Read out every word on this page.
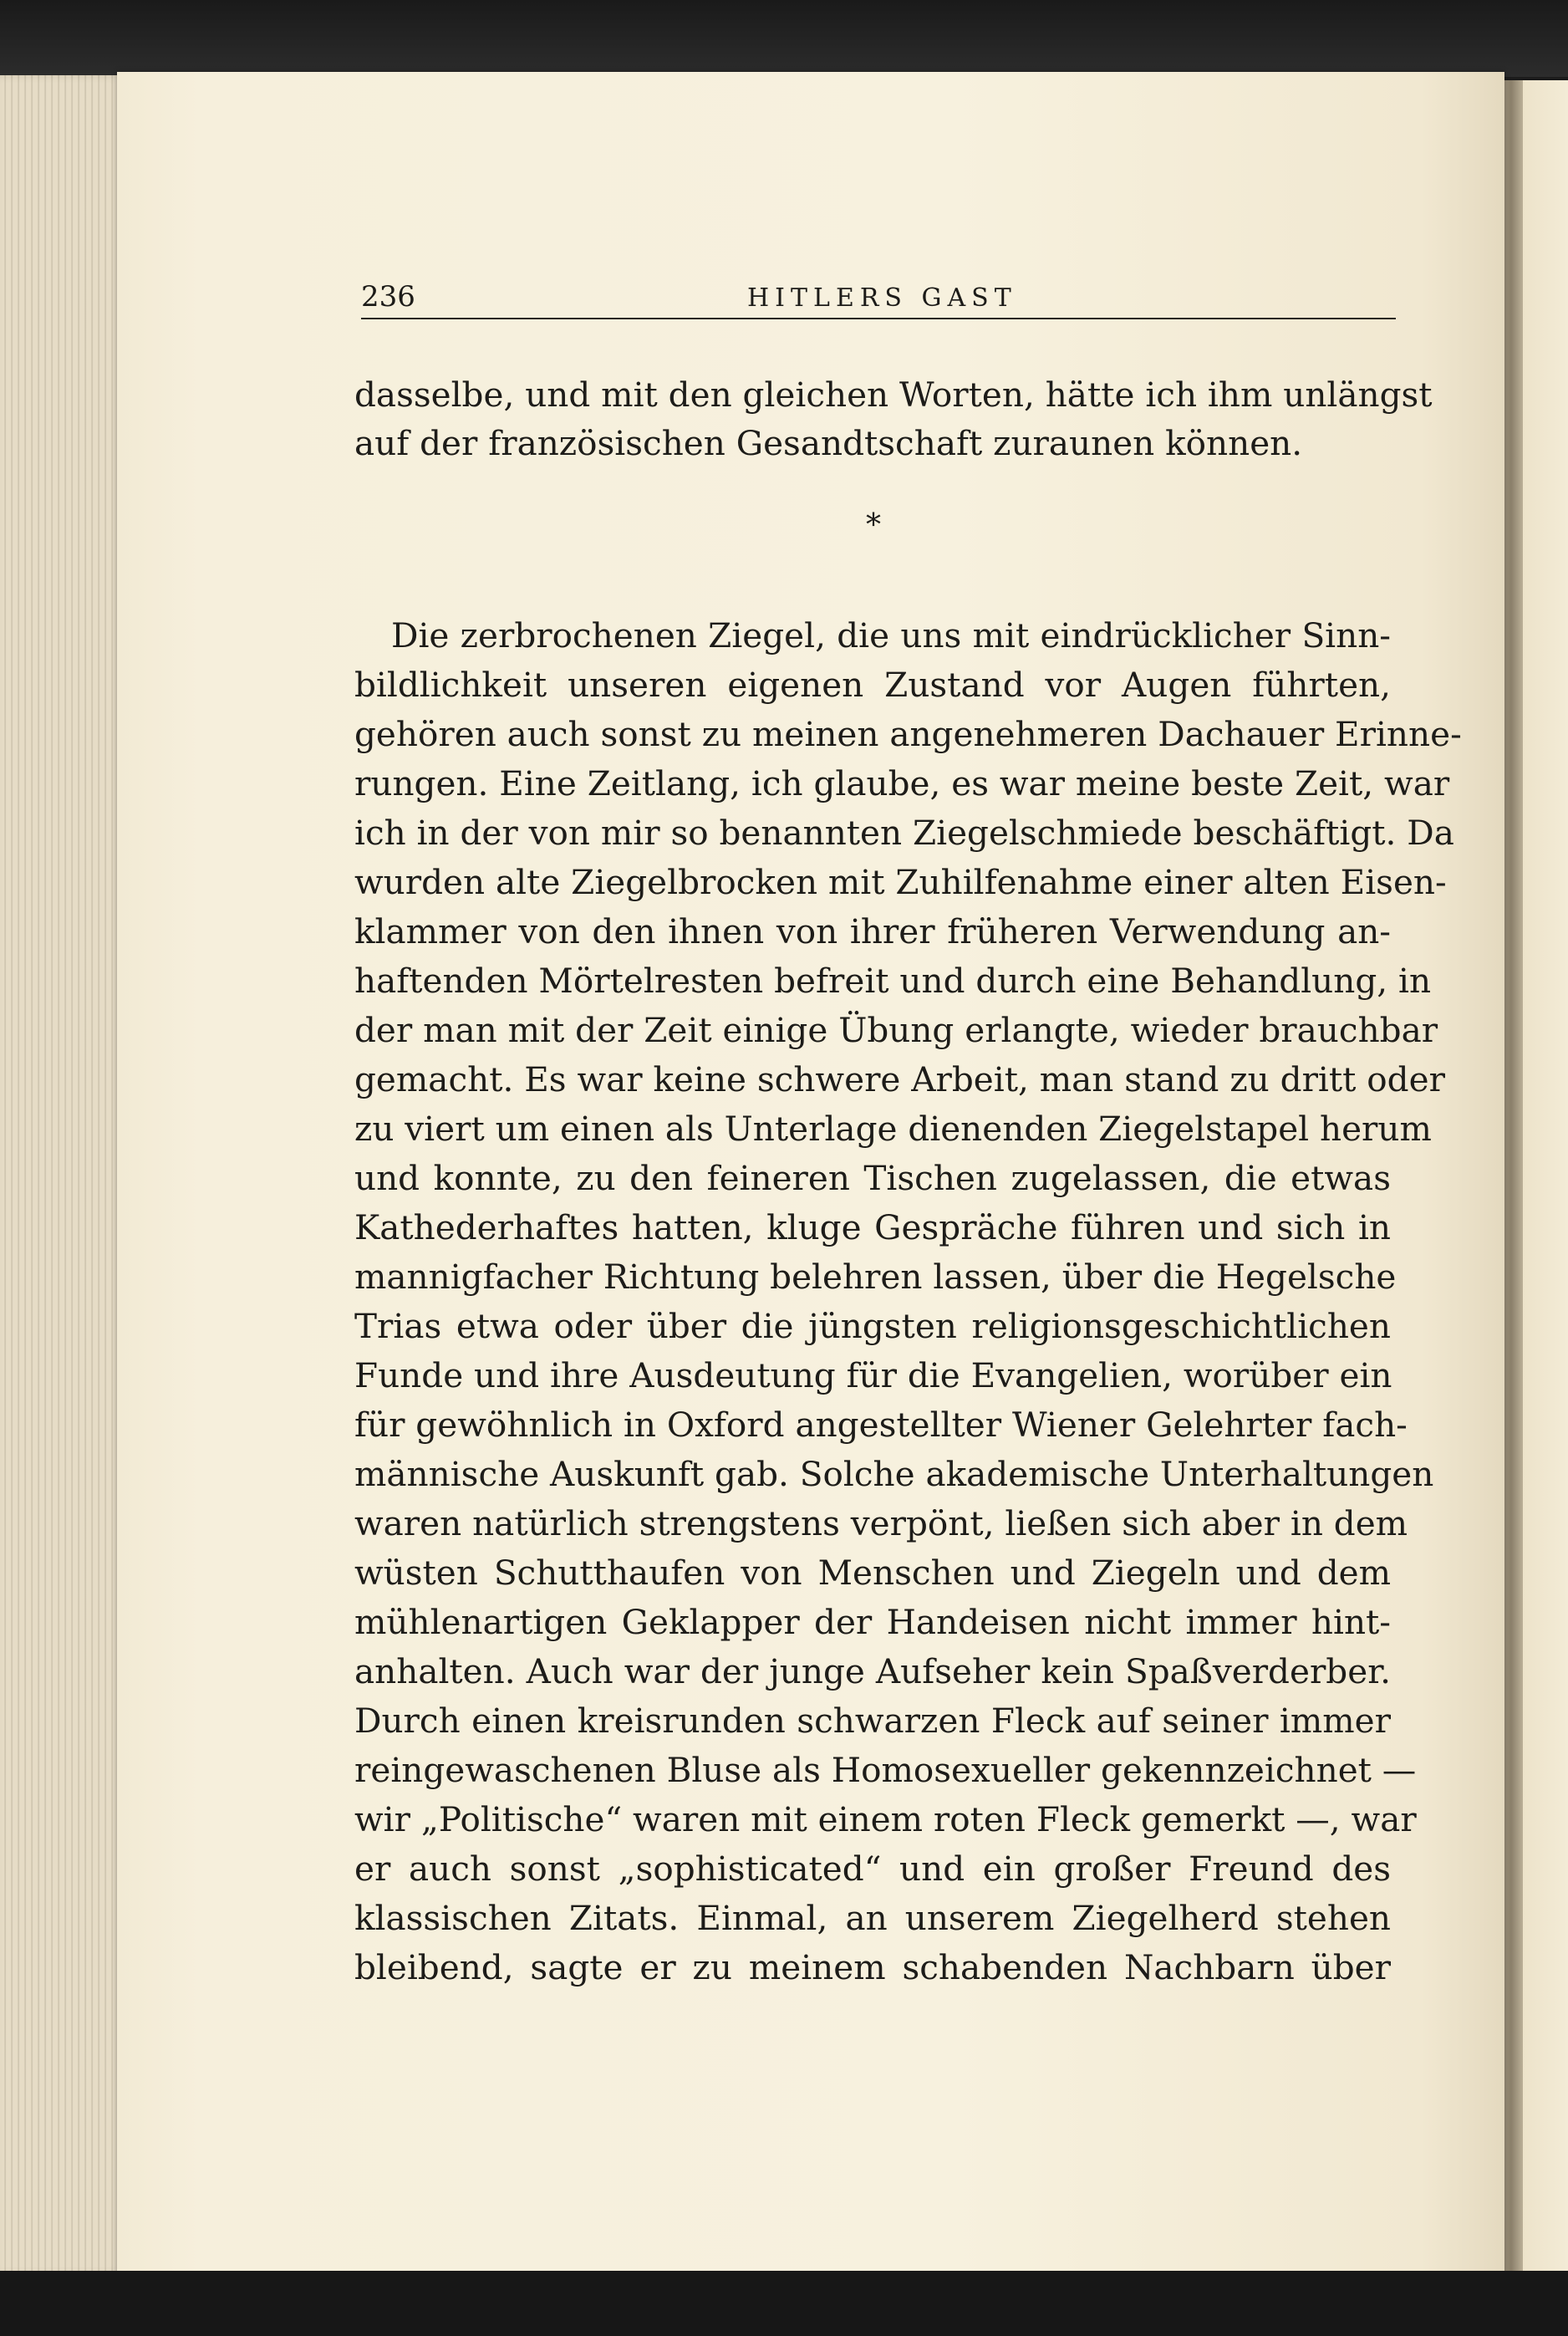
236	HITLERS GAST
dasselbe, und mit den gleichen Worten, hätte ich ihm unlängst
auf der französischen Gesandtschaft zuraunen können.
*
Die zerbrochenen Ziegel, die uns mit eindrücklicher Sinn-
bildlichkeit unseren eigenen Zustand vor Augen führten,
gehören auch sonst zu meinen angenehmeren Dachauer Erinne-
rungen. Eine Zeitlang, ich glaube, es war meine beste Zeit, war
ich in der von mir so benannten Ziegelschmiede beschäftigt. Da
wurden alte Ziegelbrocken mit Zuhilfenahme einer alten Eisen-
klammer von den ihnen von ihrer früheren Verwendung an-
haftenden Mörtelresten befreit und durch eine Behandlung, in
der man mit der Zeit einige Übung erlangte, wieder brauchbar
gemacht. Es war keine schwere Arbeit, man stand zu dritt oder
zu viert um einen als Unterlage dienenden Ziegelstapel herum
und konnte, zu den feineren Tischen zugelassen, die etwas
Kathederhaftes hatten, kluge Gespräche führen und sich in
mannigfacher Richtung belehren lassen, über die Hegelsche
Trias etwa oder über die jüngsten religionsgeschichtlichen
Funde und ihre Ausdeutung für die Evangelien, worüber ein
für gewöhnlich in Oxford angestellter Wiener Gelehrter fach-
männische Auskunft gab. Solche akademische Unterhaltungen
waren natürlich strengstens verpönt, ließen sich aber in dem
wüsten Schutthaufen von Menschen und Ziegeln und dem
mühlenartigen Geklapper der Handeisen nicht immer hint-
anhalten. Auch war der junge Aufseher kein Spaßverderber.
Durch einen kreisrunden schwarzen Fleck auf seiner immer
reingewaschenen Bluse als Homosexueller gekennzeichnet —
wir „Politische“ waren mit einem roten Fleck gemerkt —, war
er auch sonst „sophisticated“ und ein großer Freund des
klassischen Zitats. Einmal, an unserem Ziegelherd stehen
bleibend, sagte er zu meinem schabenden Nachbarn über
